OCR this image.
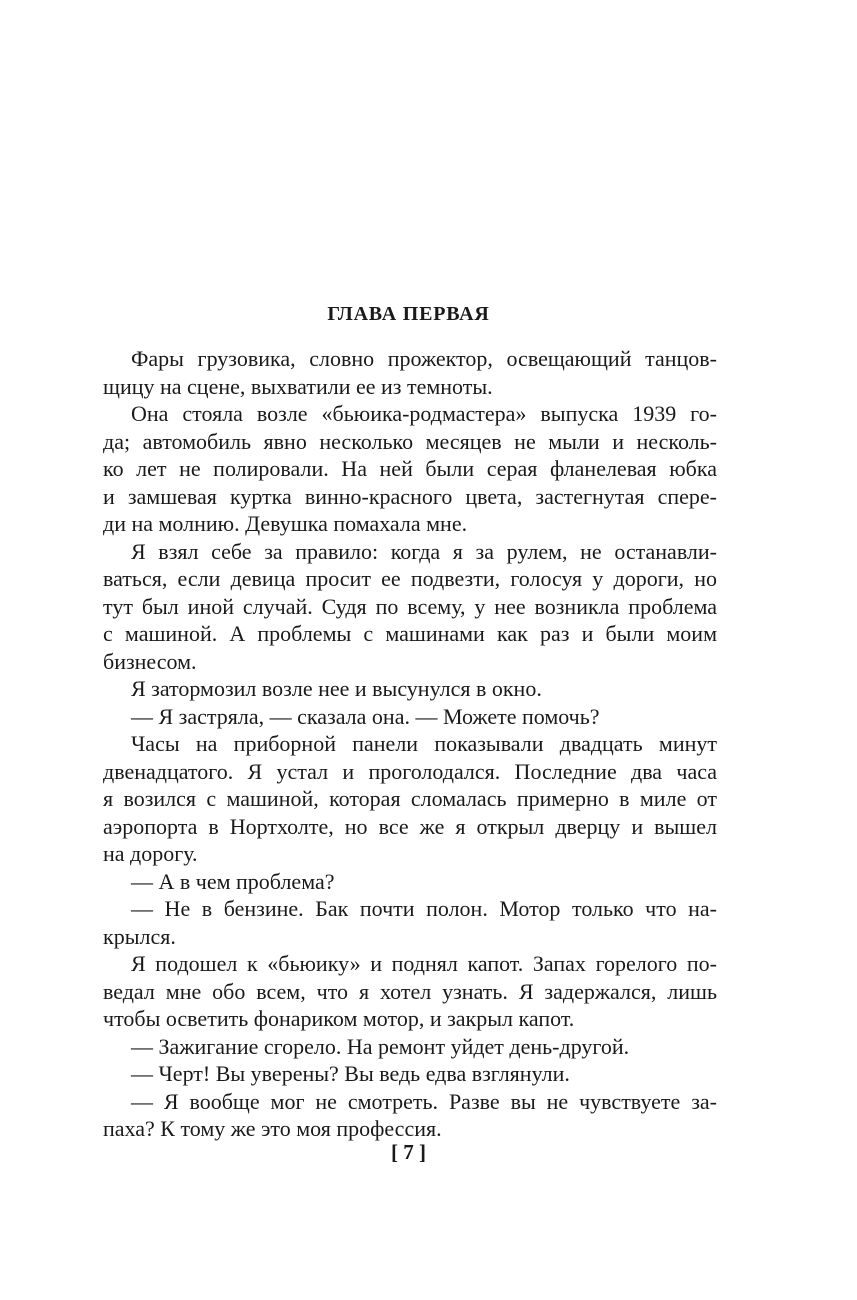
ГЛАВА ПЕРВАЯ
Фары грузовика, словно прожектор, освещающий танцов-
щицу на сцене, выхватили ее из темноты.
Она стояла возле «бьюика-родмастера» выпуска 1939 го-
да; автомобиль явно несколько месяцев не мыли и несколь-
ко лет не полировали. На ней были серая фланелевая юбка
и замшевая куртка винно-красного цвета, застегнутая спере-
ди на молнию. Девушка помахала мне.
Я взял себе за правило: когда я за рулем, не останавли-
ваться, если девица просит ее подвезти, голосуя у дороги, но
тут был иной случай. Судя по всему, у нее возникла проблема
с машиной. А проблемы с машинами как раз и были моим
бизнесом.
Я затормозил возле нее и высунулся в окно.
— Я застряла, — сказала она. — Можете помочь?
Часы на приборной панели показывали двадцать минут
двенадцатого. Я устал и проголодался. Последние два часа
я возился с машиной, которая сломалась примерно в миле от
аэропорта в Нортхолте, но все же я открыл дверцу и вышел
на дорогу.
— А в чем проблема?
— Не в бензине. Бак почти полон. Мотор только что на-
крылся.
Я подошел к «бьюику» и поднял капот. Запах горелого по-
ведал мне обо всем, что я хотел узнать. Я задержался, лишь
чтобы осветить фонариком мотор, и закрыл капот.
— Зажигание сгорело. На ремонт уйдет день-другой.
— Черт! Вы уверены? Вы ведь едва взглянули.
— Я вообще мог не смотреть. Разве вы не чувствуете за-
паха? К тому же это моя профессия.
[ 7 ]
